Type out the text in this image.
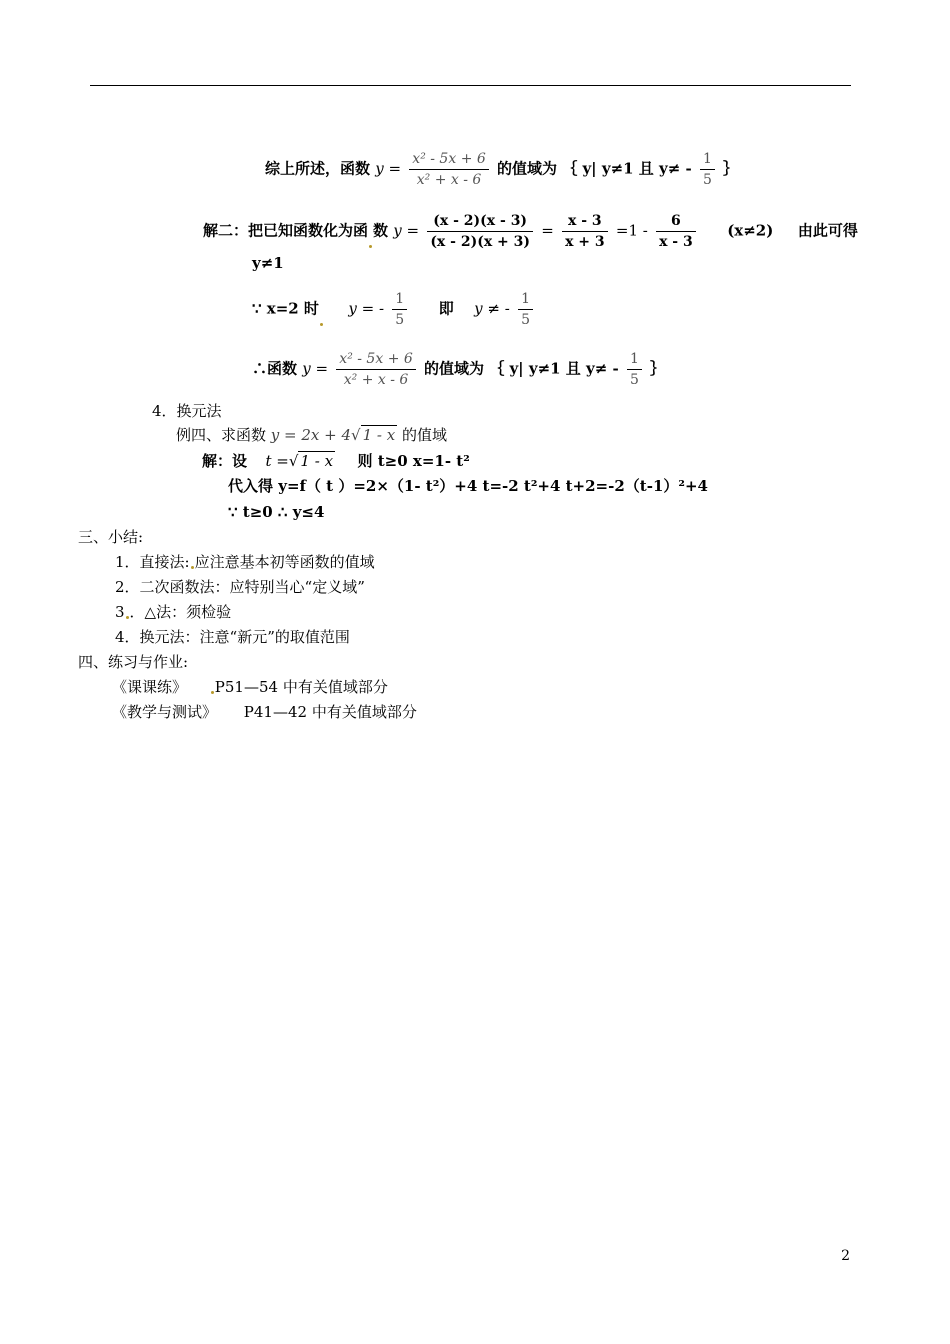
综上所述，函数 $y = \frac{\text{x² - 5x + 6}}{\text{x² + x - 6}}$ 的值域为 ｛ y| y≠1 且 $y\ne - \frac{1}{5}$ ｝
解二：把已知函数化为函 数 $y = \frac{(x - 2)(x - 3)}{(x - 2)(x + 3)} = \frac{x - 3}{x + 3} =1 - \frac{6}{x - 3} (x\ne 2)$ 由此可得
y≠1
∵ x=2 时 y = - $\frac{1}{5}$ 即 y ≠ - $\frac{1}{5}$
∴函数 $y = \frac{\text{x² - 5x + 6}}{\text{x² + x - 6}}$ 的值域为 ｛ y| y≠1 且 $y\ne - \frac{1}{5}$ ｝
4．换元法
例四、求函数 y = 2x + 4√ 1 - x 的值域
解：设 t =√ 1 - x 则 t≥0 x=1- t²
代入得 y=f（ t ）=2×（1- t²）+4 t=-2 t²+4 t+2=-2（t-1）²+4
∵ t≥0 ∴ y≤4
三、小结:
1．直接法: 应注意基本初等函数的值域
2．二次函数法：应特别当心“定义域”
3 ．△法：须检验
4．换元法：注意“新元”的取值范围
四、练习与作业:
《课课练》 P51—54 中有关值域部分
《教学与测试》 P41—42 中有关值域部分
2
